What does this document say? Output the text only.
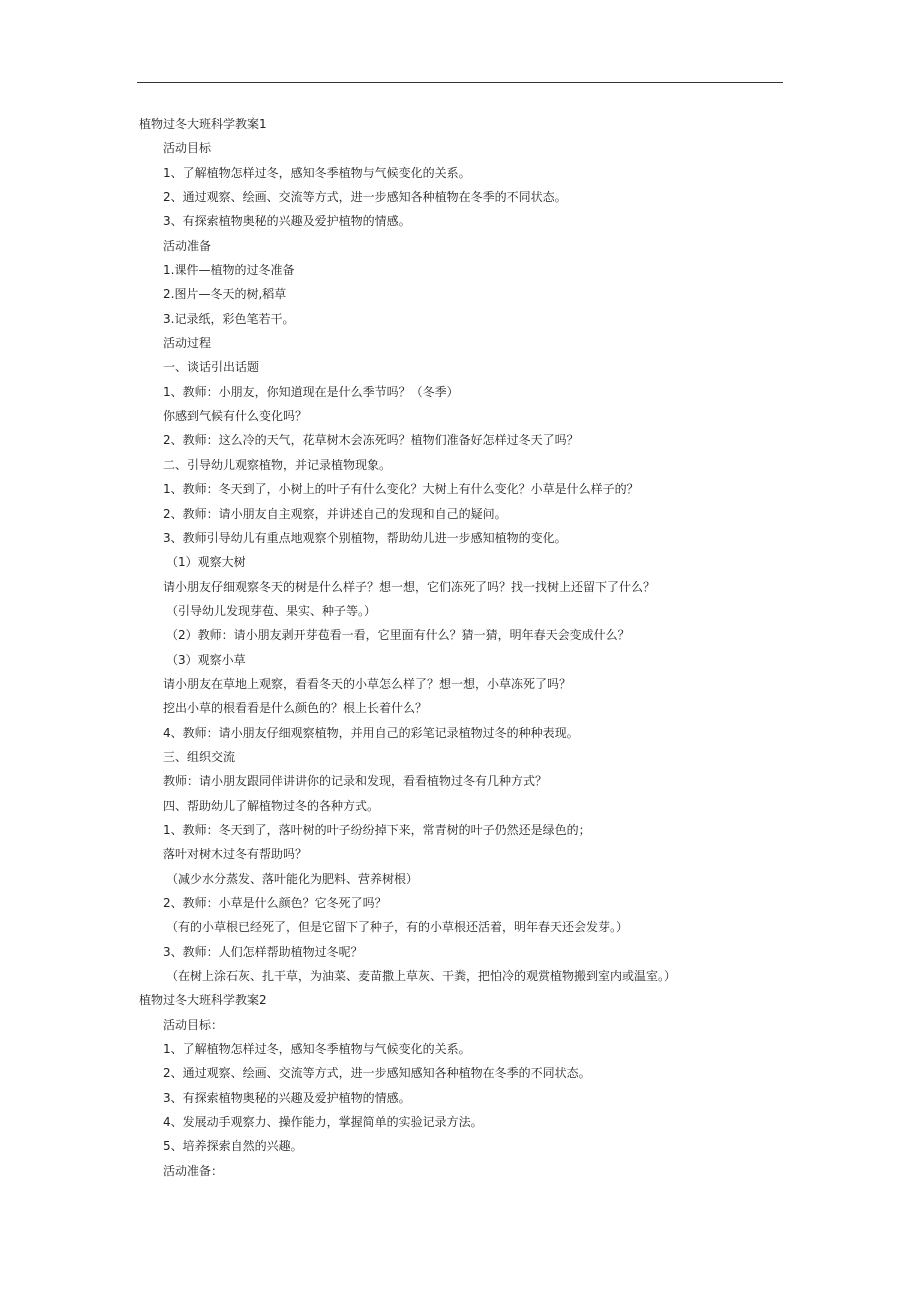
植物过冬大班科学教案1
活动目标
1、了解植物怎样过冬，感知冬季植物与气候变化的关系。
2、通过观察、绘画、交流等方式，进一步感知各种植物在冬季的不同状态。
3、有探索植物奥秘的兴趣及爱护植物的情感。
活动准备
1.课件—植物的过冬准备
2.图片—冬天的树,稻草
3.记录纸，彩色笔若干。
活动过程
一、谈话引出话题
1、教师：小朋友，你知道现在是什么季节吗？（冬季）
你感到气候有什么变化吗？
2、教师：这么冷的天气，花草树木会冻死吗？植物们准备好怎样过冬天了吗？
二、引导幼儿观察植物，并记录植物现象。
1、教师：冬天到了，小树上的叶子有什么变化？大树上有什么变化？小草是什么样子的？
2、教师：请小朋友自主观察，并讲述自己的发现和自己的疑问。
3、教师引导幼儿有重点地观察个别植物，帮助幼儿进一步感知植物的变化。
（1）观察大树
请小朋友仔细观察冬天的树是什么样子？想一想，它们冻死了吗？找一找树上还留下了什么？
（引导幼儿发现芽苞、果实、种子等。）
（2）教师：请小朋友剥开芽苞看一看，它里面有什么？猜一猜，明年春天会变成什么？
（3）观察小草
请小朋友在草地上观察，看看冬天的小草怎么样了？想一想，小草冻死了吗？
挖出小草的根看看是什么颜色的？根上长着什么？
4、教师：请小朋友仔细观察植物，并用自己的彩笔记录植物过冬的种种表现。
三、组织交流
教师：请小朋友跟同伴讲讲你的记录和发现，看看植物过冬有几种方式？
四、帮助幼儿了解植物过冬的各种方式。
1、教师：冬天到了，落叶树的叶子纷纷掉下来，常青树的叶子仍然还是绿色的；
落叶对树木过冬有帮助吗？
（减少水分蒸发、落叶能化为肥料、营养树根）
2、教师：小草是什么颜色？它冬死了吗？
（有的小草根已经死了，但是它留下了种子，有的小草根还活着，明年春天还会发芽。）
3、教师：人们怎样帮助植物过冬呢？
（在树上涂石灰、扎干草，为油菜、麦苗撒上草灰、干粪，把怕冷的观赏植物搬到室内或温室。）
植物过冬大班科学教案2
活动目标：
1、了解植物怎样过冬，感知冬季植物与气候变化的关系。
2、通过观察、绘画、交流等方式，进一步感知感知各种植物在冬季的不同状态。
3、有探索植物奥秘的兴趣及爱护植物的情感。
4、发展动手观察力、操作能力，掌握简单的实验记录方法。
5、培养探索自然的兴趣。
活动准备：
